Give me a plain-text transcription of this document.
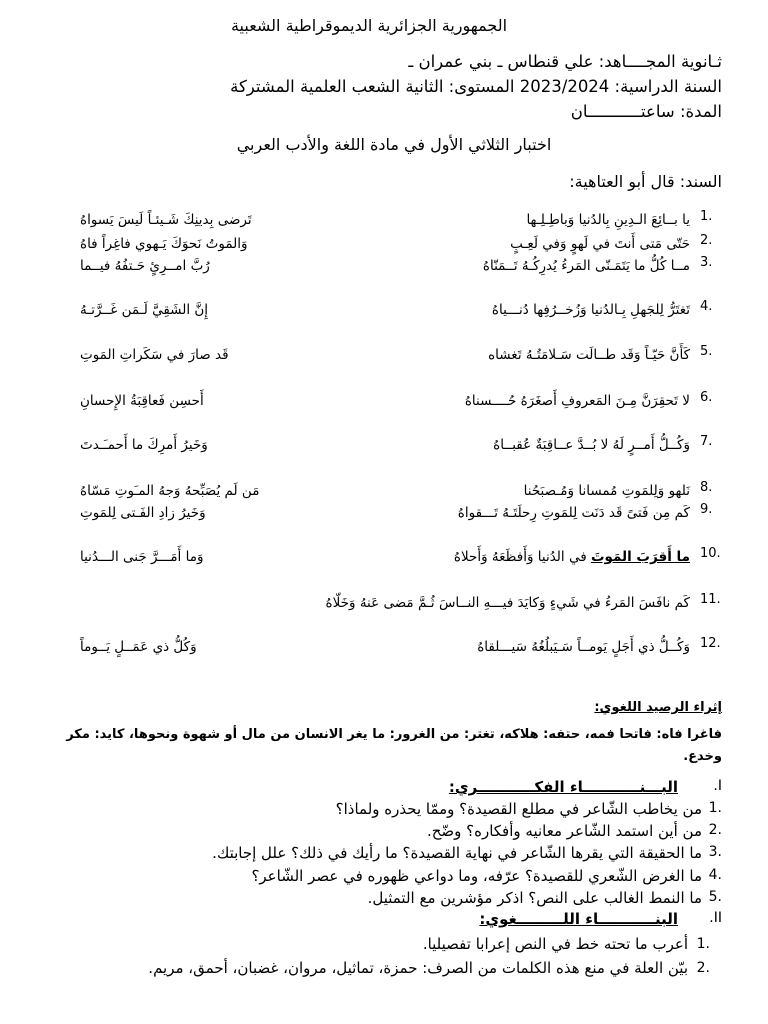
الجمهورية الجزائرية الديموقراطية الشعبية
ثـانوية المجــــاهد: علي قنطاس ـ بني عمران ـ
السنة الدراسية: 2023/2024 المستوى: الثانية الشعب العلمية المشتركة
المدة: ساعتـــــــــــان
اختبار الثلاثي الأول في مادة اللغة والأدب العربي
السند: قال أبو العتاهية:
1.
يا بــائِعَ الـدِينِ بِالدُنيا وَباطِـلِـها
تَرضى بِدينِكَ شَـيئـاً لَيسَ يَسواهُ
2.
حَتّى مَتى أَنتَ في لَهوٍ وَفي لَعِـبٍ
وَالمَوتُ نَحوَكَ يَـهوي فاغِراً فاهُ
3.
مــا كُلُّ ما يَتَمَـنّى المَرءُ يُدرِكُـهُ تَــمَنّاهُ
رُبَّ امــرِئٍ حَـتفُهُ فيــما
4.
تَغتَرُّ لِلجَهلِ بِـالدُنيا وَزُخــرُفِها دُنـــياهُ
إِنَّ الشَقِيَّ لَـمَن غَــرَّتـهُ
5.
كَأَنَّ حَيّـاً وَقَد طــالَت سَـلامَتُـهُ تَغشاه
قَد صارَ في سَكَراتِ المَوتِ
6.
لا تَحقِرَنَّ مِـنَ المَعروفِ أَصغَرَهُ حُــــسناهُ
أَحسِن فَعاقِبَةُ الإِحسانِ
7.
وَكُــلُّ أَمــرٍ لَهُ لا بُــدَّ عــاقِبَةٌ عُقبــاهُ
وَخَيرُ أَمرِكَ ما أَحمـَـدتَ
8.
نَلهو وَلِلمَوتِ مُمسانا وَمُـصبَحُنا
مَن لَم يُصَبِّحهُ وَجهُ المـَوتِ مَسّاهُ
9.
كَم مِن فَتىً قَد دَنَت لِلمَوتِ رِحلَتَـهُ تَـــقواهُ
وَخَيرُ زادِ الفَـتى لِلمَوتِ
10.
ما أَقرَبَ المَوتَ في الدُنيا وَأَفظَعَهُ وَأَحلاهُ
وَما أَمَـــرَّ جَنى الـــدُنيا
11.
كَم نافَسَ المَرءُ في شَيءٍ وَكايَدَ فيـــهِ النــاسَ ثُـمَّ مَضى عَنهُ وَخَلّاهُ
12.
وَكُــلُّ ذي أَجَلٍ يَومــاً سَـيَبلُغُهُ سَيـــلقاهُ
وَكُلُّ ذي عَمَــلٍ يَــوماً
إثراء الرصيد اللغوي:
فاغرا فاه: فاتحا فمه، حتفه: هلاكه، تغتر: من الغرور: ما يغر الانسان من مال أو شهوة ونحوها، كايد: مكر وخدع.
I.
البـــنـــــــــــاء الفكـــــــــــري:
1.
من يخاطب الشّاعر في مطلع القصيدة؟ وممّا يحذره ولماذا؟
2.
من أين استمد الشّاعر معانيه وأفكاره؟ وضّح.
3.
ما الحقيقة التي يقرها الشّاعر في نهاية القصيدة؟ ما رأيك في ذلك؟ علل إجابتك.
4.
ما الغرض الشّعري للقصيدة؟ عرّفه، وما دواعي ظهوره في عصر الشّاعر؟
5.
ما النمط الغالب على النص؟ اذكر مؤشرين مع التمثيل.
II.
البنـــــــــــاء اللـــــــــغوي:
1.
أعرب ما تحته خط في النص إعرابا تفصيليا.
2.
بيّن العلة في منع هذه الكلمات من الصرف: حمزة، تماثيل، مروان، غضبان، أحمق، مريم.
